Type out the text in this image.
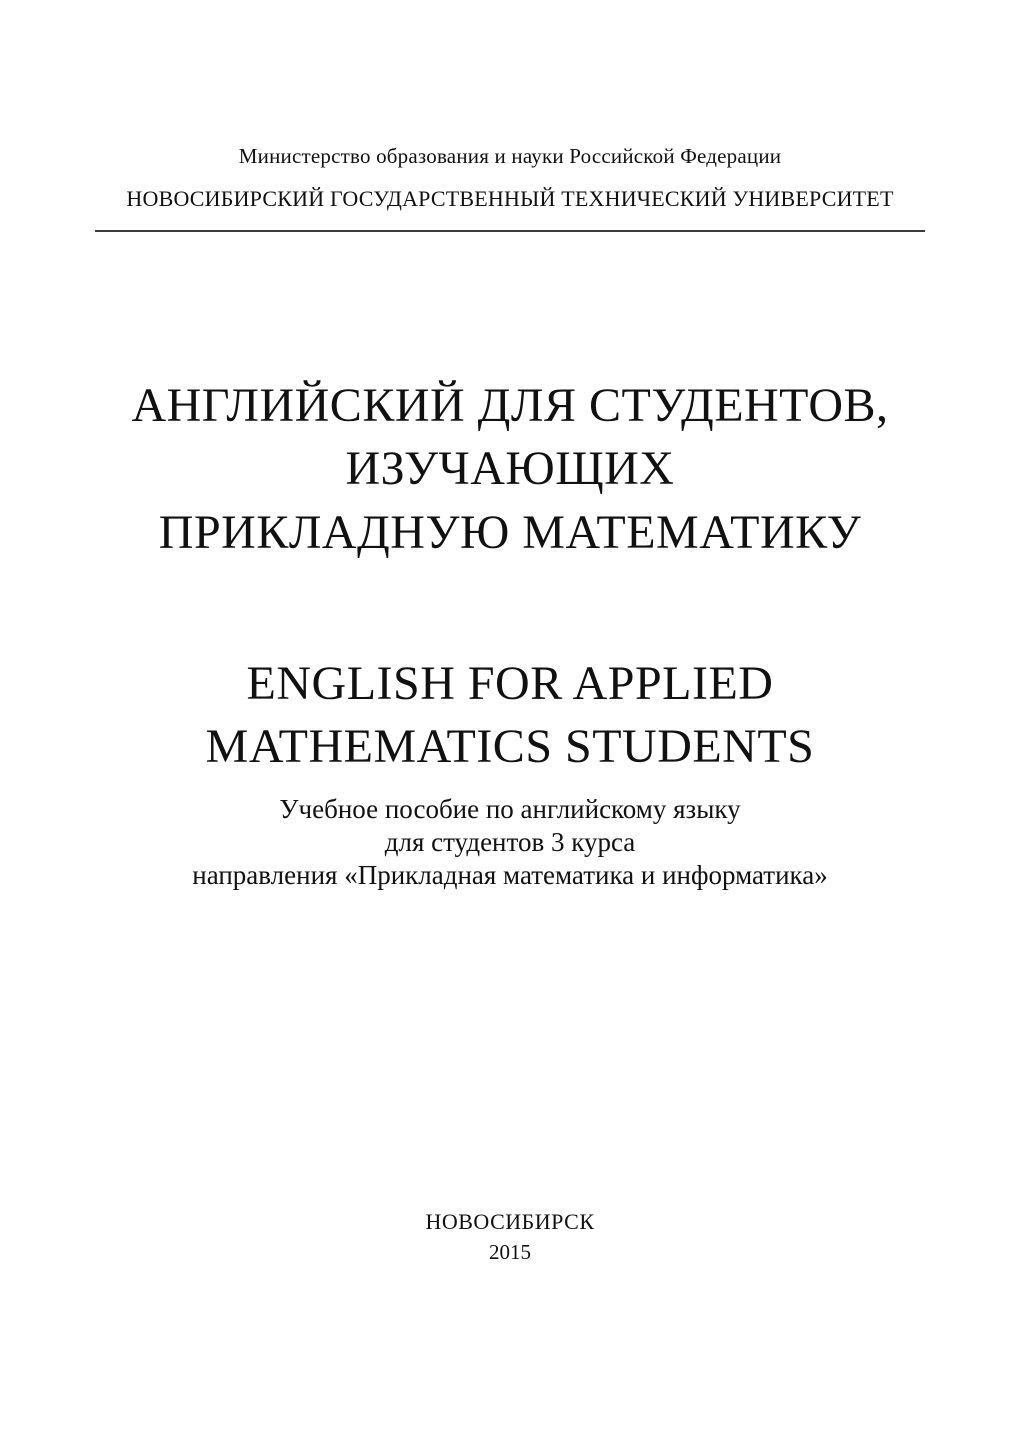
Министерство образования и науки Российской Федерации
НОВОСИБИРСКИЙ ГОСУДАРСТВЕННЫЙ ТЕХНИЧЕСКИЙ УНИВЕРСИТЕТ
АНГЛИЙСКИЙ ДЛЯ СТУДЕНТОВ,
ИЗУЧАЮЩИХ
ПРИКЛАДНУЮ МАТЕМАТИКУ
ENGLISH FOR APPLIED
MATHEMATICS STUDENTS
Учебное пособие по английскому языку
для студентов 3 курса
направления «Прикладная математика и информатика»
НОВОСИБИРСК
2015
